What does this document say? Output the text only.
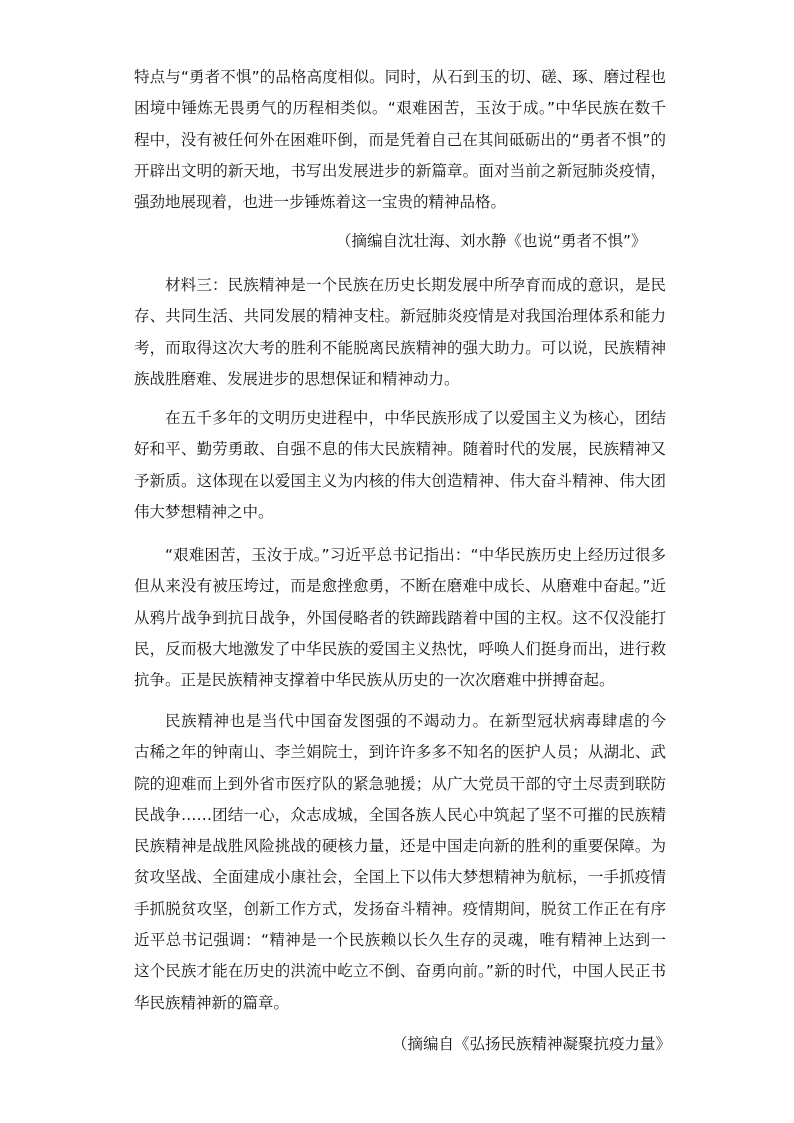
特点与“勇者不惧”的品格高度相似。同时，从石到玉的切、磋、琢、磨过程也
困境中锤炼无畏勇气的历程相类似。“艰难困苦，玉汝于成。”中华民族在数千
程中，没有被任何外在困难吓倒，而是凭着自己在其间砥砺出的“勇者不惧”的
开辟出文明的新天地，书写出发展进步的新篇章。面对当前之新冠肺炎疫情，
强劲地展现着，也进一步锤炼着这一宝贵的精神品格。
（摘编自沈壮海、刘水静《也说“勇者不惧”》
材料三：民族精神是一个民族在历史长期发展中所孕育而成的意识，是民
存、共同生活、共同发展的精神支柱。新冠肺炎疫情是对我国治理体系和能力
考，而取得这次大考的胜利不能脱离民族精神的强大助力。可以说，民族精神
族战胜磨难、发展进步的思想保证和精神动力。
在五千多年的文明历史进程中，中华民族形成了以爱国主义为核心，团结
好和平、勤劳勇敢、自强不息的伟大民族精神。随着时代的发展，民族精神又
予新质。这体现在以爱国主义为内核的伟大创造精神、伟大奋斗精神、伟大团
伟大梦想精神之中。
“艰难困苦，玉汝于成。”习近平总书记指出：“中华民族历史上经历过很多
但从来没有被压垮过，而是愈挫愈勇，不断在磨难中成长、从磨难中奋起。”近
从鸦片战争到抗日战争，外国侵略者的铁蹄践踏着中国的主权。这不仅没能打
民，反而极大地激发了中华民族的爱国主义热忱，呼唤人们挺身而出，进行救
抗争。正是民族精神支撑着中华民族从历史的一次次磨难中拼搏奋起。
民族精神也是当代中国奋发图强的不竭动力。在新型冠状病毒肆虐的今
古稀之年的钟南山、李兰娟院士，到许许多多不知名的医护人员；从湖北、武
院的迎难而上到外省市医疗队的紧急驰援；从广大党员干部的守土尽责到联防
民战争……团结一心，众志成城，全国各族人民心中筑起了坚不可摧的民族精
民族精神是战胜风险挑战的硬核力量，还是中国走向新的胜利的重要保障。为
贫攻坚战、全面建成小康社会，全国上下以伟大梦想精神为航标，一手抓疫情
手抓脱贫攻坚，创新工作方式，发扬奋斗精神。疫情期间，脱贫工作正在有序
近平总书记强调：“精神是一个民族赖以长久生存的灵魂，唯有精神上达到一
这个民族才能在历史的洪流中屹立不倒、奋勇向前。”新的时代，中国人民正书
华民族精神新的篇章。
（摘编自《弘扬民族精神凝聚抗疫力量》
